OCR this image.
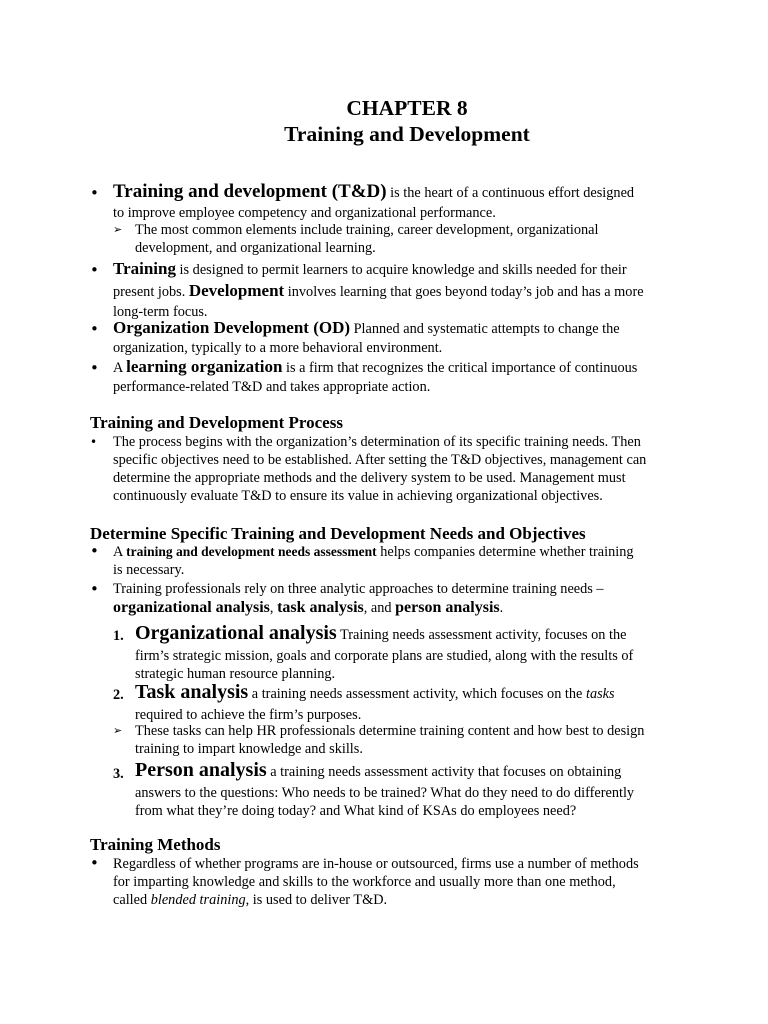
CHAPTER 8

Training and Development

• Training and development (T&D) is the heart of a continuous effort designed

to improve employee competency and organizational performance.

➢ The most common elements include training, career development, organizational

development, and organizational learning.

• Training is designed to permit learners to acquire knowledge and skills needed for their

present jobs. Development involves learning that goes beyond today’s job and has a more

long-term focus.

• Organization Development (OD) Planned and systematic attempts to change the

organization, typically to a more behavioral environment.

• A learning organization is a firm that recognizes the critical importance of continuous

performance-related T&D and takes appropriate action.

Training and Development Process

• The process begins with the organization’s determination of its specific training needs. Then

specific objectives need to be established. After setting the T&D objectives, management can

determine the appropriate methods and the delivery system to be used. Management must

continuously evaluate T&D to ensure its value in achieving organizational objectives.

Determine Specific Training and Development Needs and Objectives

• A training and development needs assessment helps companies determine whether training

is necessary.

• Training professionals rely on three analytic approaches to determine training needs –

organizational analysis, task analysis, and person analysis.

1. Organizational analysis Training needs assessment activity, focuses on the

firm’s strategic mission, goals and corporate plans are studied, along with the results of

strategic human resource planning.

2. Task analysis a training needs assessment activity, which focuses on the tasks

required to achieve the firm’s purposes.

➢ These tasks can help HR professionals determine training content and how best to design

training to impart knowledge and skills.

3. Person analysis a training needs assessment activity that focuses on obtaining

answers to the questions: Who needs to be trained? What do they need to do differently

from what they’re doing today? and What kind of KSAs do employees need?

Training Methods

• Regardless of whether programs are in-house or outsourced, firms use a number of methods

for imparting knowledge and skills to the workforce and usually more than one method,

called blended training, is used to deliver T&D.
